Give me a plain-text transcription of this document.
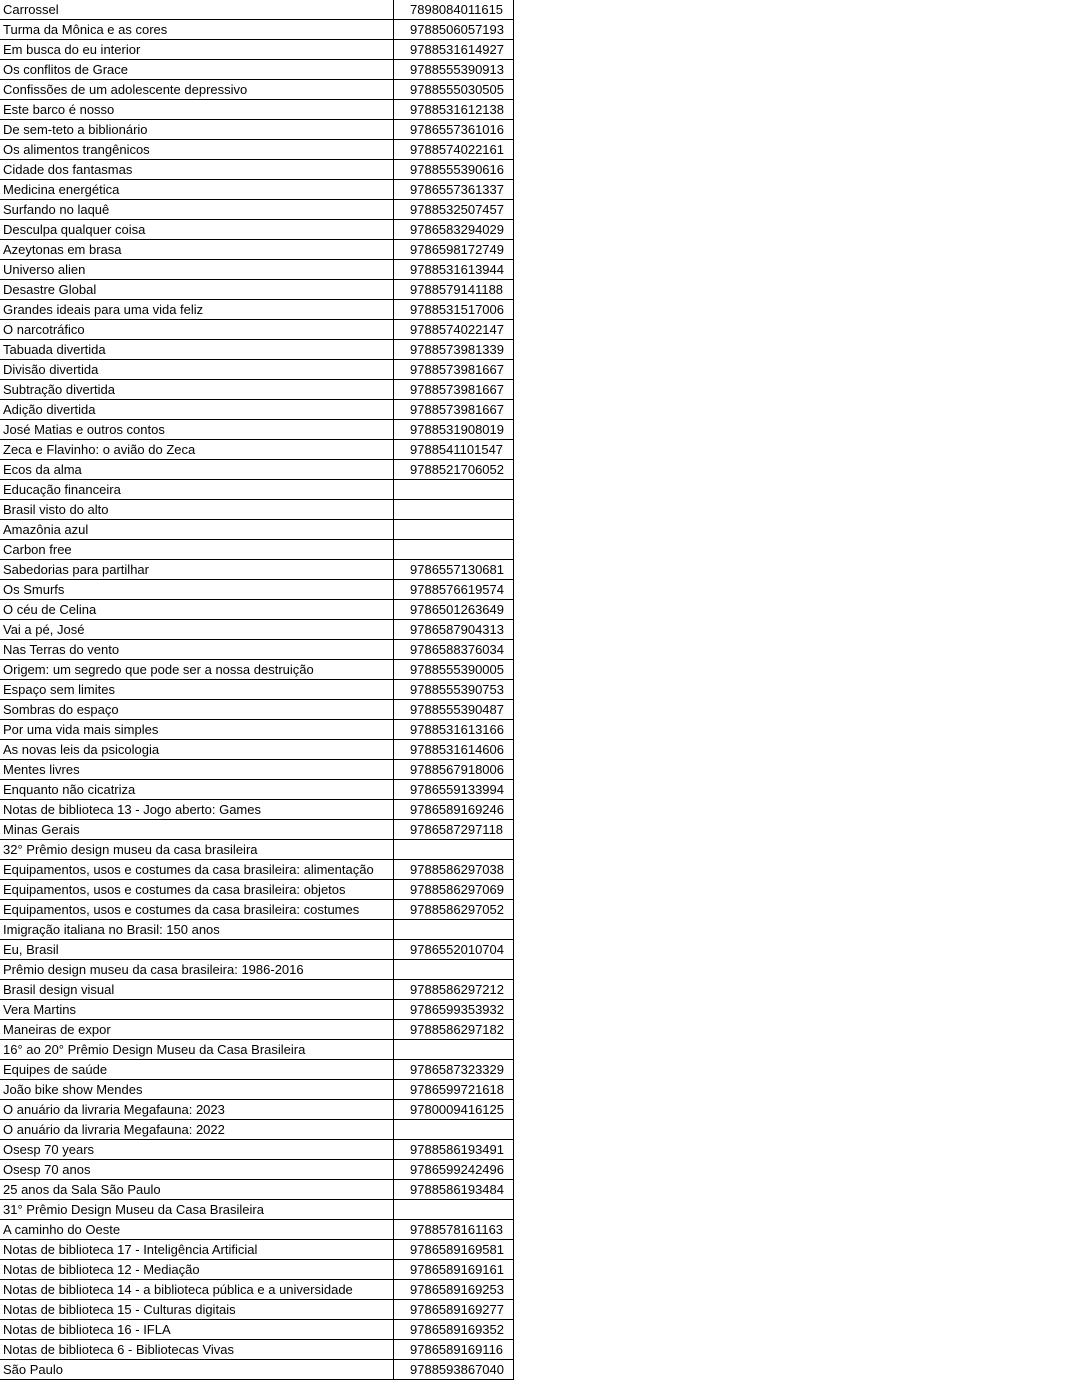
Carrossel	7898084011615
Turma da Mônica e as cores	9788506057193
Em busca do eu interior	9788531614927
Os conflitos de Grace	9788555390913
Confissões de um adolescente depressivo	9788555030505
Este barco é nosso	9788531612138
De sem-teto a biblionário	9786557361016
Os alimentos trangênicos	9788574022161
Cidade dos fantasmas	9788555390616
Medicina energética	9786557361337
Surfando no laquê	9788532507457
Desculpa qualquer coisa	9786583294029
Azeytonas em brasa	9786598172749
Universo alien	9788531613944
Desastre Global	9788579141188
Grandes ideais para uma vida feliz	9788531517006
O narcotráfico	9788574022147
Tabuada divertida	9788573981339
Divisão divertida	9788573981667
Subtração divertida	9788573981667
Adição divertida	9788573981667
José Matias e outros contos	9788531908019
Zeca e Flavinho: o avião do Zeca	9788541101547
Ecos da alma	9788521706052
Educação financeira	
Brasil visto do alto	
Amazônia azul	
Carbon free	
Sabedorias para partilhar	9786557130681
Os Smurfs	9788576619574
O céu de Celina	9786501263649
Vai a pé, José	9786587904313
Nas Terras do vento	9786588376034
Origem: um segredo que pode ser a nossa destruição	9788555390005
Espaço sem limites	9788555390753
Sombras do espaço	9788555390487
Por uma vida mais simples	9788531613166
As novas leis da psicologia	9788531614606
Mentes livres	9788567918006
Enquanto não cicatriza	9786559133994
Notas de biblioteca 13 - Jogo aberto: Games	9786589169246
Minas Gerais	9786587297118
32° Prêmio design museu da casa brasileira	
Equipamentos, usos e costumes da casa brasileira: alimentação	9788586297038
Equipamentos, usos e costumes da casa brasileira: objetos	9788586297069
Equipamentos, usos e costumes da casa brasileira: costumes	9788586297052
Imigração italiana no Brasil: 150 anos	
Eu, Brasil	9786552010704
Prêmio design museu da casa brasileira: 1986-2016	
Brasil design visual	9788586297212
Vera Martins	9786599353932
Maneiras de expor	9788586297182
16° ao 20° Prêmio Design Museu da Casa Brasileira	
Equipes de saúde	9786587323329
João bike show Mendes	9786599721618
O anuário da livraria Megafauna: 2023	9780009416125
O anuário da livraria Megafauna: 2022	
Osesp 70 years	9788586193491
Osesp 70 anos	9786599242496
25 anos da Sala São Paulo	9788586193484
31° Prêmio Design Museu da Casa Brasileira	
A caminho do Oeste	9788578161163
Notas de biblioteca 17 - Inteligência Artificial	9786589169581
Notas de biblioteca 12 - Mediação	9786589169161
Notas de biblioteca 14 - a biblioteca pública e a universidade	9786589169253
Notas de biblioteca 15 - Culturas digitais	9786589169277
Notas de biblioteca 16 - IFLA	9786589169352
Notas de biblioteca 6 - Bibliotecas Vivas	9786589169116
São Paulo	9788593867040
